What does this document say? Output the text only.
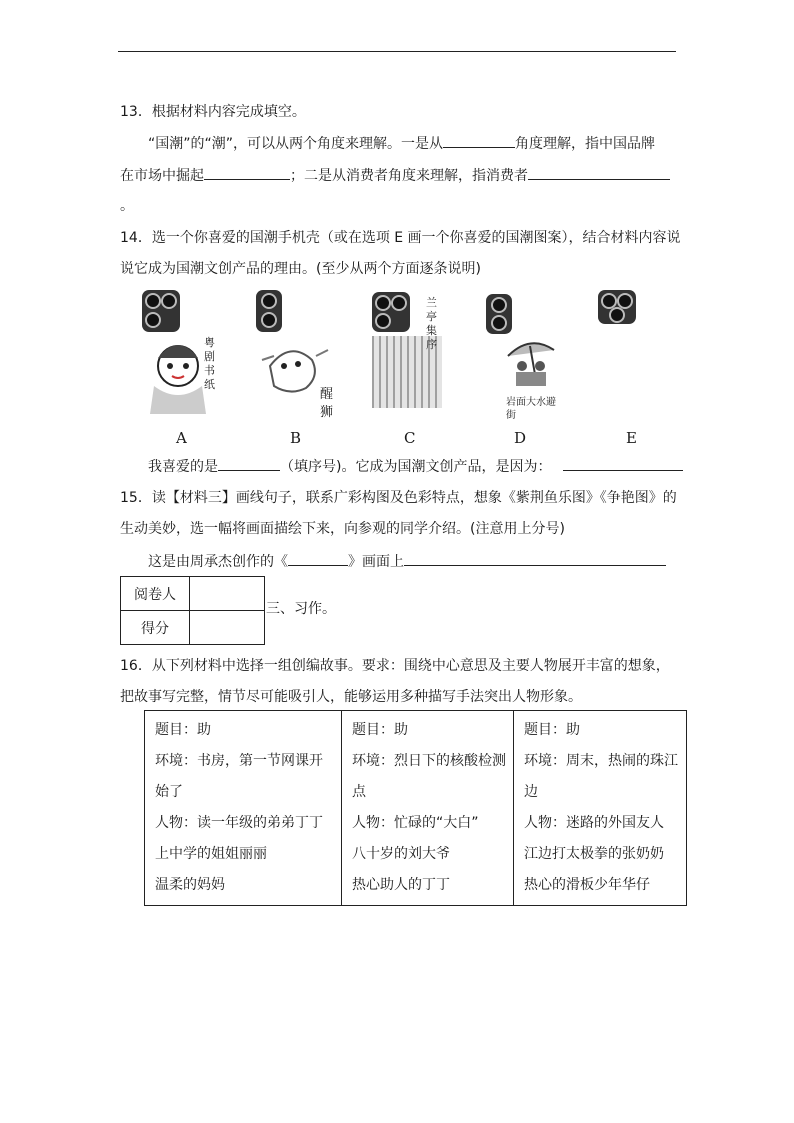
13．根据材料内容完成填空。
“国潮”的“潮”，可以从两个角度来理解。一是从	角度理解，指中国品牌
在市场中掘起	；二是从消费者角度来理解，指消费者
。
14．选一个你喜爱的国潮手机壳（或在选项 E 画一个你喜爱的国潮图案），结合材料内容说
说它成为国潮文创产品的理由。(至少从两个方面逐条说明)
粤剧书纸
醒狮
兰亭集序
岩面大水避街
A	B	C	D	E
我喜爱的是	（填序号)。它成为国潮文创产品，是因为：
15．读【材料三】画线句子，联系广彩构图及色彩特点，想象《紫荆鱼乐图》《争艳图》的
生动美妙，选一幅将画面描绘下来，向参观的同学介绍。(注意用上分号)
这是由周承杰创作的《	》画面上
阅卷人	
得分	
三、习作。
16．从下列材料中选择一组创编故事。要求：围绕中心意思及主要人物展开丰富的想象，
把故事写完整，情节尽可能吸引人，能够运用多种描写手法突出人物形象。
题目：助
环境：书房，第一节网课开
始了
人物：读一年级的弟弟丁丁
上中学的姐姐丽丽
温柔的妈妈

题目：助
环境：烈日下的核酸检测
点
人物：忙碌的“大白”
八十岁的刘大爷
热心助人的丁丁

题目：助
环境：周末，热闹的珠江
边
人物：迷路的外国友人
江边打太极拳的张奶奶
热心的滑板少年华仔
